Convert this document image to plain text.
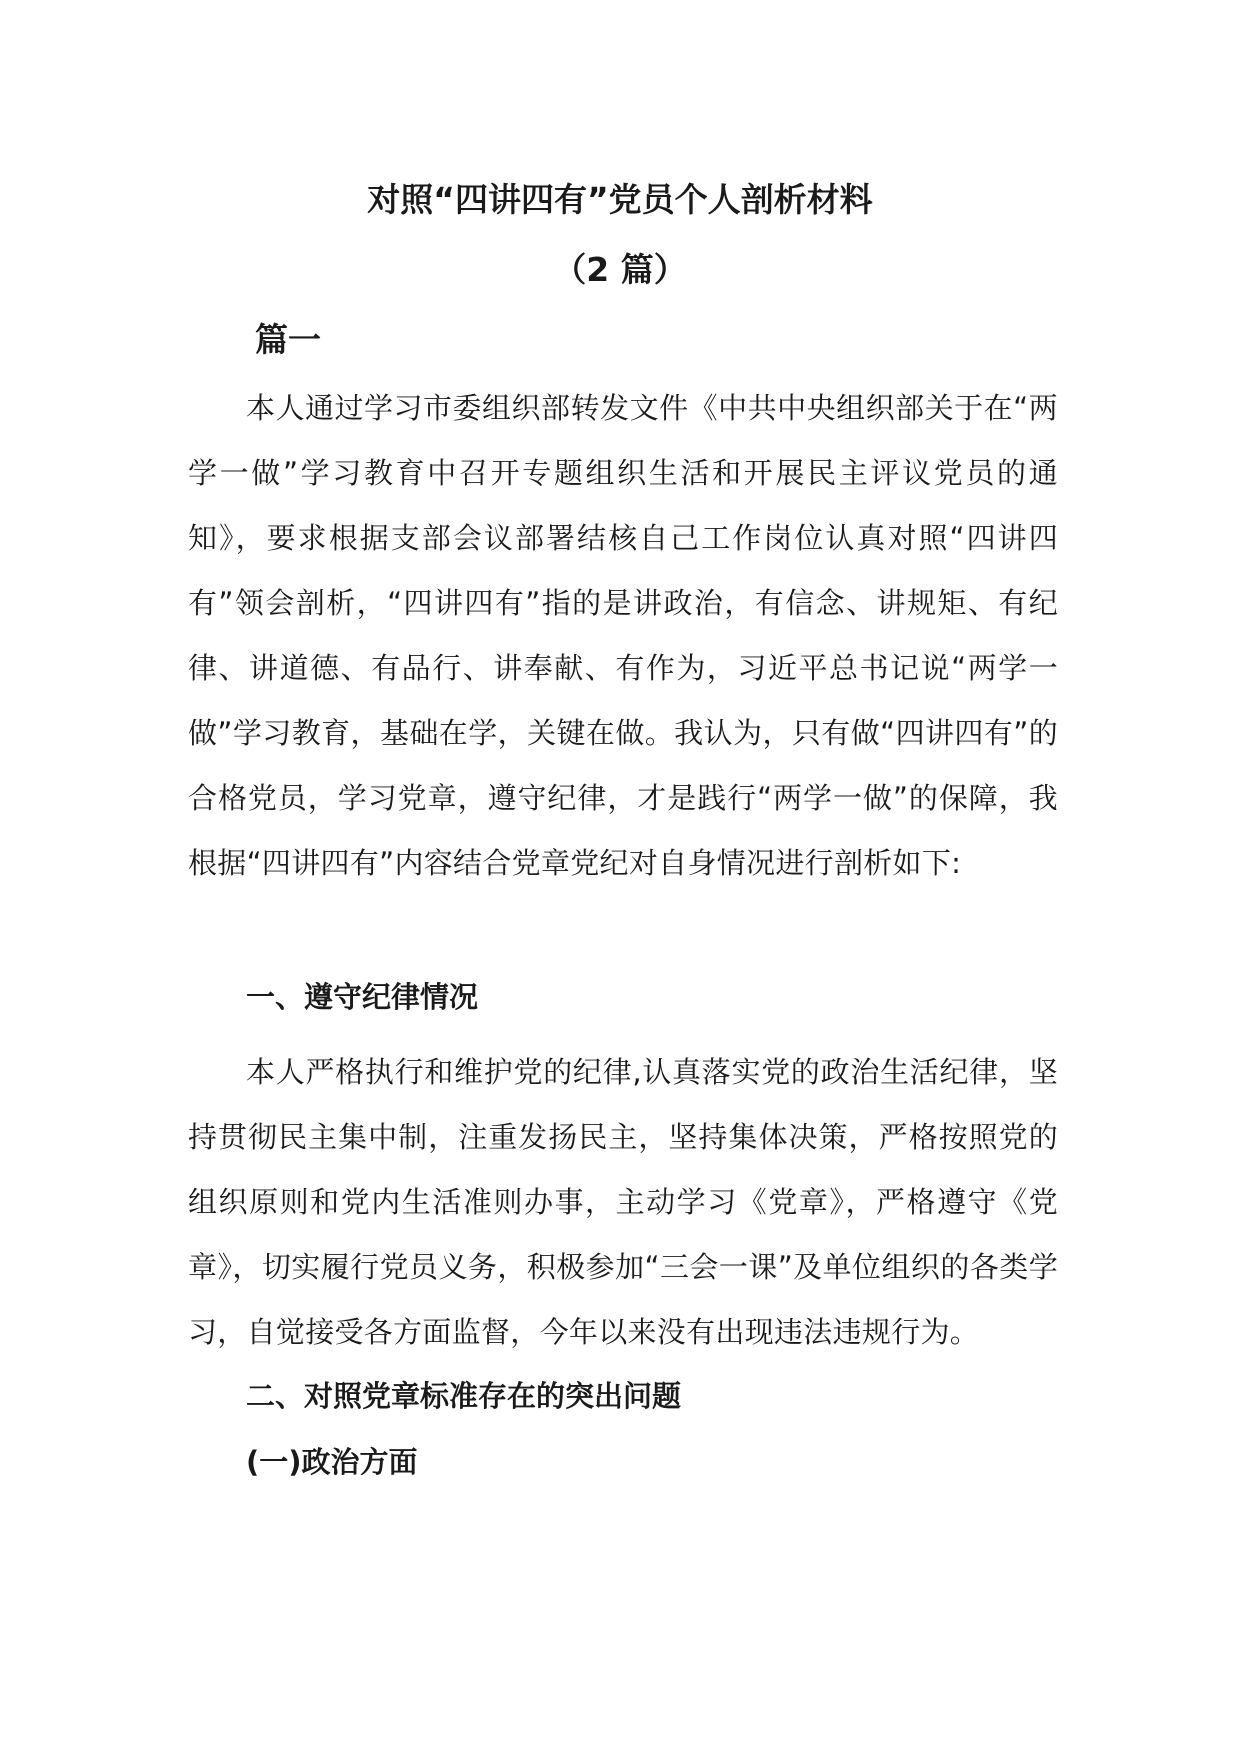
对照“四讲四有”党员个人剖析材料
（2 篇）
篇一

本人通过学习市委组织部转发文件《中共中央组织部关于在“两学一做”学习教育中召开专题组织生活和开展民主评议党员的通知》，要求根据支部会议部署结核自己工作岗位认真对照“四讲四有”领会剖析，“四讲四有”指的是讲政治，有信念、讲规矩、有纪律、讲道德、有品行、讲奉献、有作为，习近平总书记说“两学一做”学习教育，基础在学，关键在做。我认为，只有做“四讲四有”的合格党员，学习党章，遵守纪律，才是践行“两学一做”的保障，我根据“四讲四有”内容结合党章党纪对自身情况进行剖析如下:

一、遵守纪律情况

本人严格执行和维护党的纪律,认真落实党的政治生活纪律，坚持贯彻民主集中制，注重发扬民主，坚持集体决策，严格按照党的组织原则和党内生活准则办事，主动学习《党章》，严格遵守《党章》，切实履行党员义务，积极参加“三会一课”及单位组织的各类学习，自觉接受各方面监督，今年以来没有出现违法违规行为。

二、对照党章标准存在的突出问题
(一)政治方面
